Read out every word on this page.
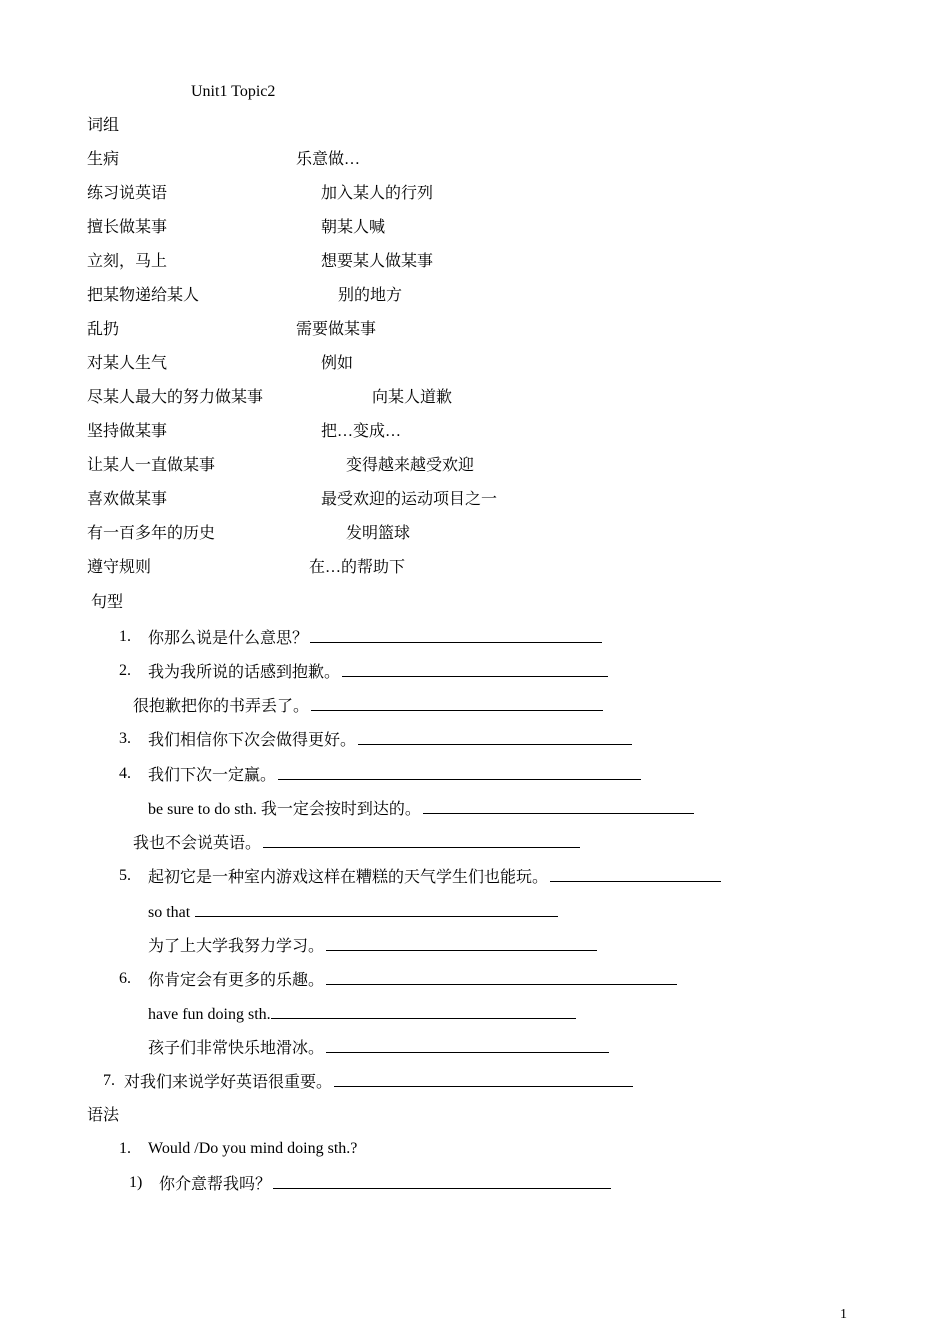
Unit1 Topic2
词组
生病	乐意做…
练习说英语	加入某人的行列
擅长做某事	朝某人喊
立刻，马上	想要某人做某事
把某物递给某人	别的地方
乱扔	需要做某事
对某人生气	例如
尽某人最大的努力做某事	向某人道歉
坚持做某事	把…变成…
让某人一直做某事	变得越来越受欢迎
喜欢做某事	最受欢迎的运动项目之一
有一百多年的历史	发明篮球
遵守规则	在…的帮助下
句型
1. 你那么说是什么意思？
2. 我为我所说的话感到抱歉。
很抱歉把你的书弄丢了。
3. 我们相信你下次会做得更好。
4. 我们下次一定赢。
be sure to do sth. 我一定会按时到达的。
我也不会说英语。
5. 起初它是一种室内游戏这样在糟糕的天气学生们也能玩。
so that
为了上大学我努力学习。
6. 你肯定会有更多的乐趣。
have fun doing sth.
孩子们非常快乐地滑冰。
7. 对我们来说学好英语很重要。
语法
1. Would /Do you mind doing sth.?
1) 你介意帮我吗？
1
